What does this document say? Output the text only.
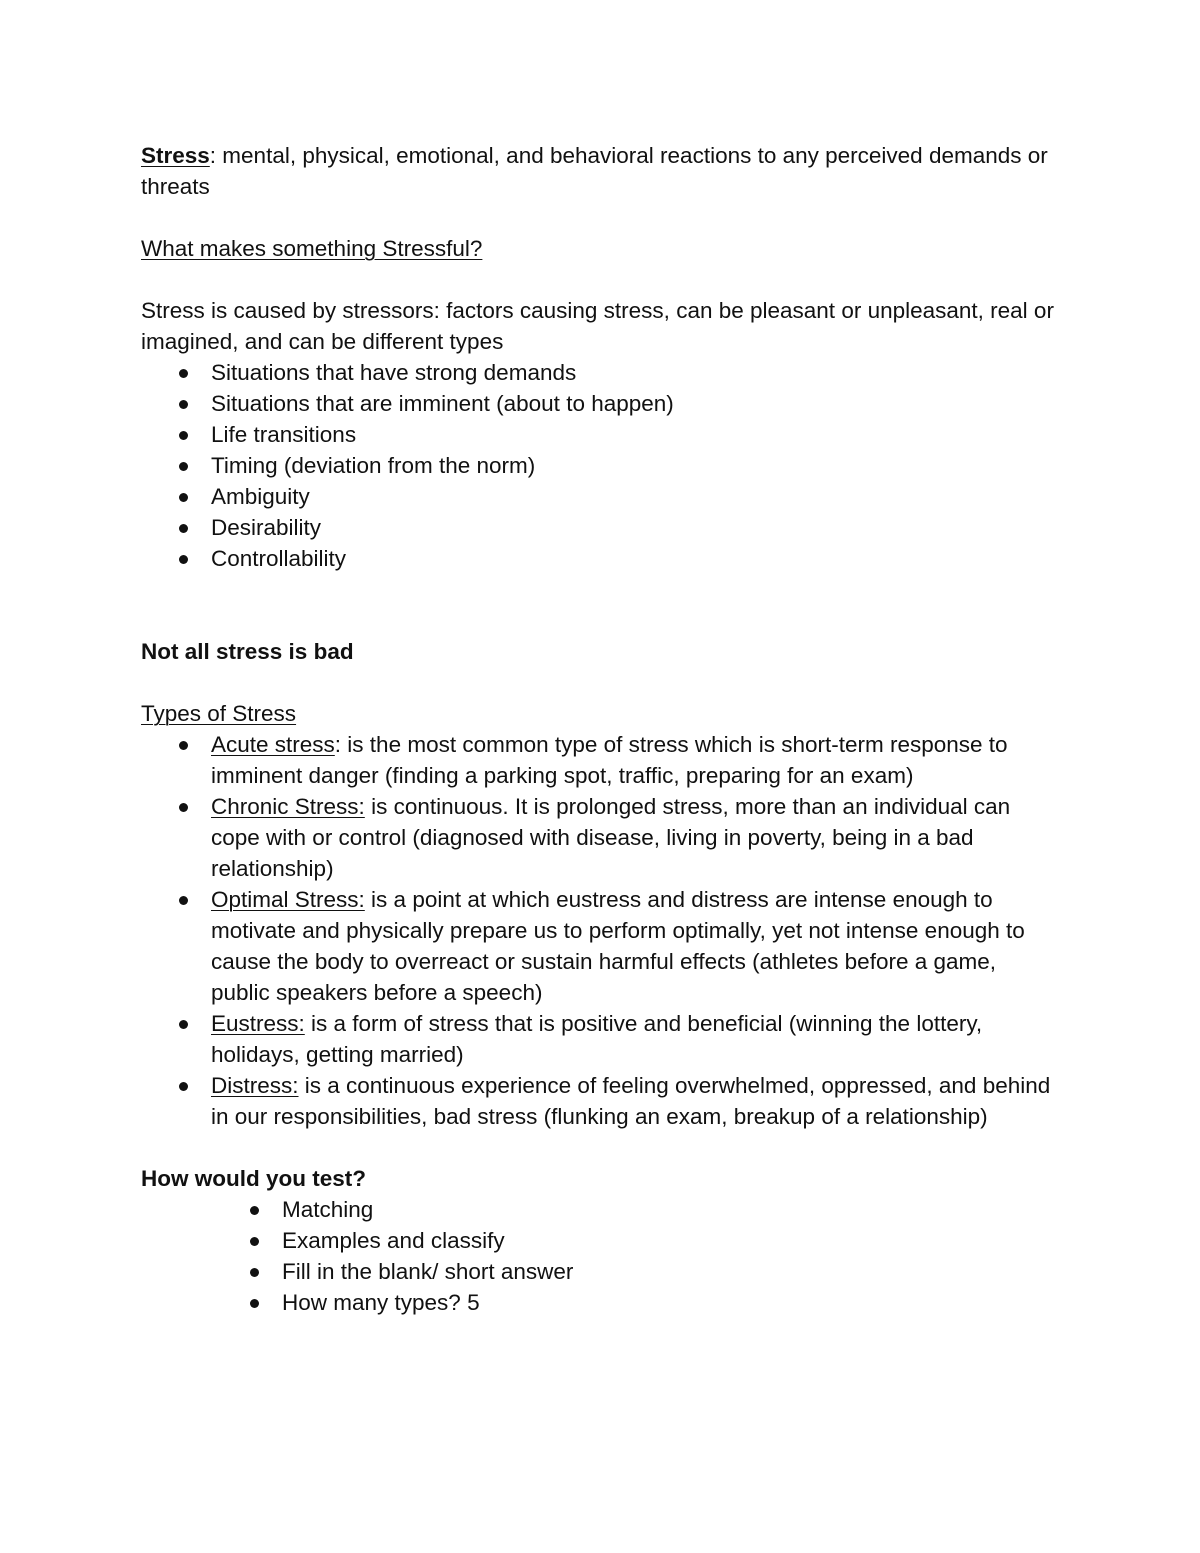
Stress: mental, physical, emotional, and behavioral reactions to any perceived demands or threats

What makes something Stressful?

Stress is caused by stressors: factors causing stress, can be pleasant or unpleasant, real or imagined, and can be different types

Situations that have strong demands
Situations that are imminent (about to happen)
Life transitions
Timing (deviation from the norm)
Ambiguity
Desirability
Controllability

Not all stress is bad

Types of Stress

Acute stress: is the most common type of stress which is short-term response to imminent danger (finding a parking spot, traffic, preparing for an exam)
Chronic Stress: is continuous. It is prolonged stress, more than an individual can cope with or control (diagnosed with disease, living in poverty, being in a bad relationship)
Optimal Stress: is a point at which eustress and distress are intense enough to motivate and physically prepare us to perform optimally, yet not intense enough to cause the body to overreact or sustain harmful effects (athletes before a game, public speakers before a speech)
Eustress: is a form of stress that is positive and beneficial (winning the lottery, holidays, getting married)
Distress: is a continuous experience of feeling overwhelmed, oppressed, and behind in our responsibilities, bad stress (flunking an exam, breakup of a relationship)

How would you test?

Matching
Examples and classify
Fill in the blank/ short answer
How many types? 5
